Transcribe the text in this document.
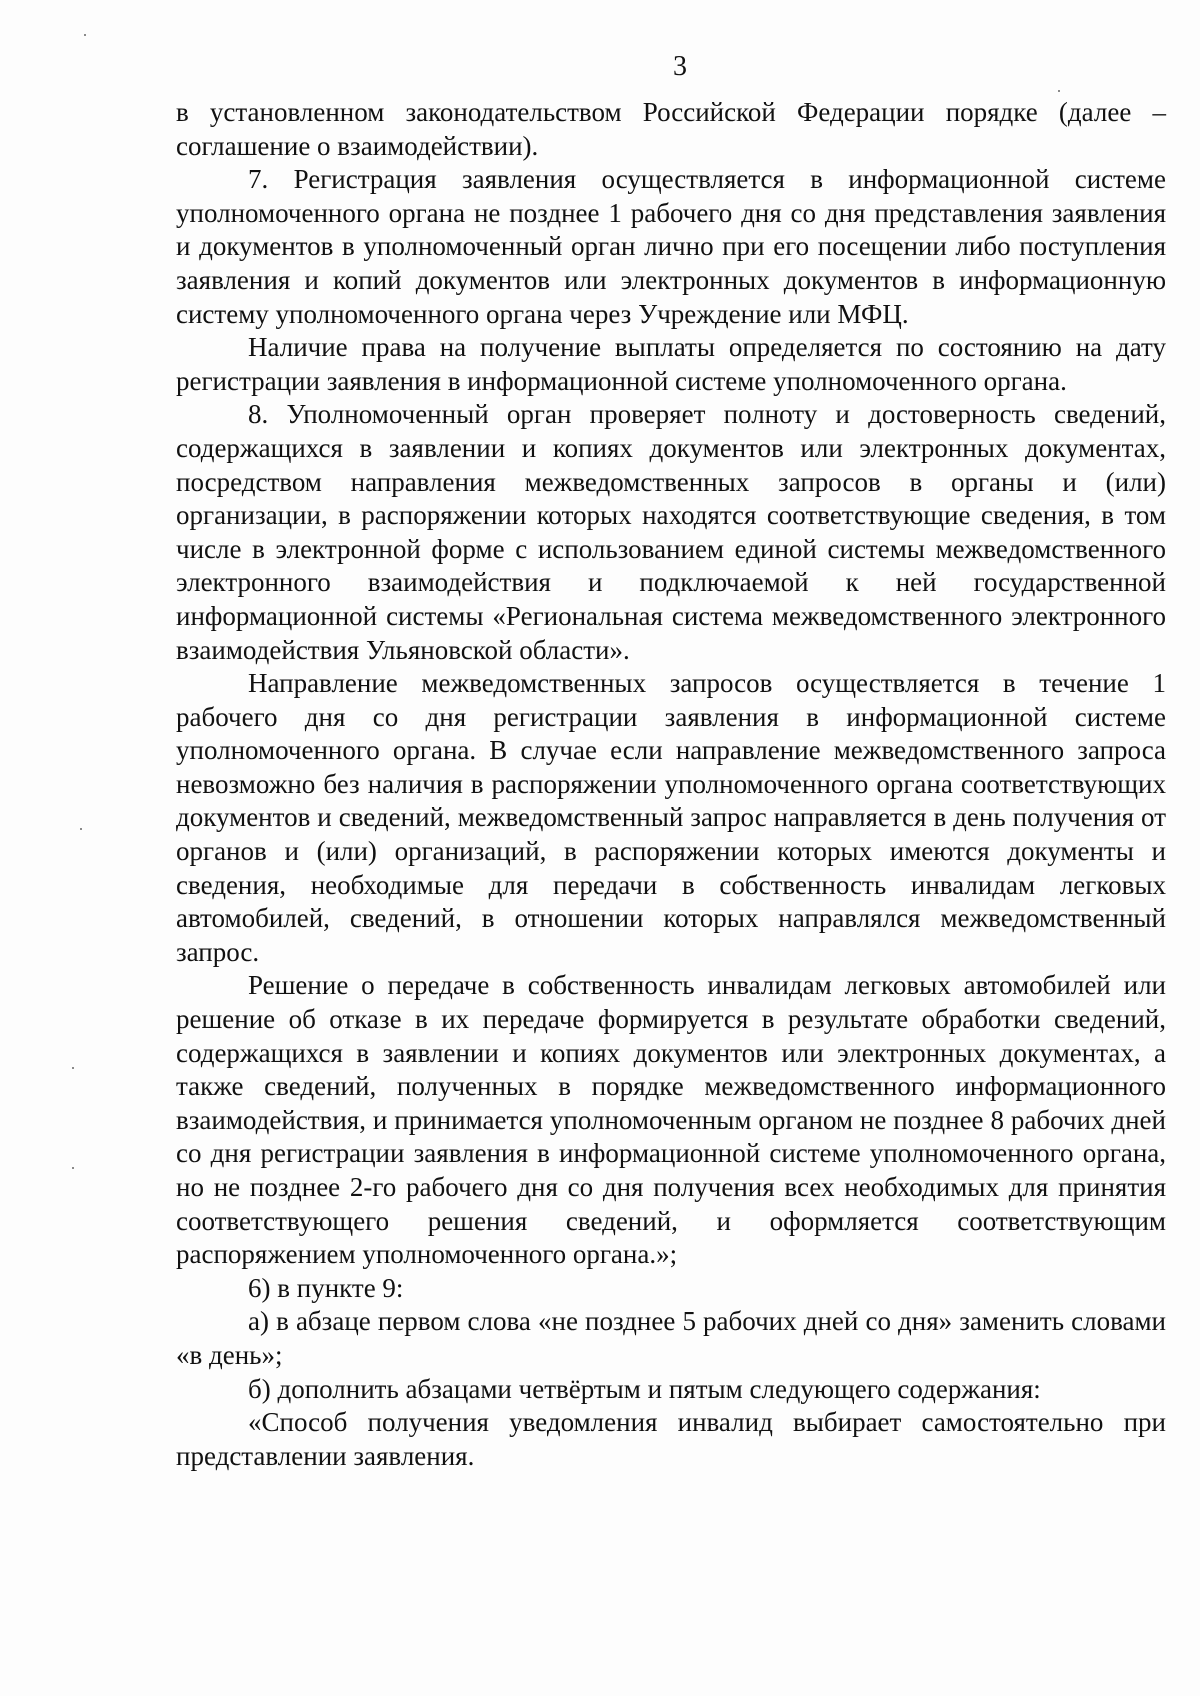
3

в установленном законодательством Российской Федерации порядке (далее – соглашение о взаимодействии).

7. Регистрация заявления осуществляется в информационной системе уполномоченного органа не позднее 1 рабочего дня со дня представления заявления и документов в уполномоченный орган лично при его посещении либо поступления заявления и копий документов или электронных документов в информационную систему уполномоченного органа через Учреждение или МФЦ.

Наличие права на получение выплаты определяется по состоянию на дату регистрации заявления в информационной системе уполномоченного органа.

8. Уполномоченный орган проверяет полноту и достоверность сведений, содержащихся в заявлении и копиях документов или электронных документах, посредством направления межведомственных запросов в органы и (или) организации, в распоряжении которых находятся соответствующие сведения, в том числе в электронной форме с использованием единой системы межведомственного электронного взаимодействия и подключаемой к ней государственной информационной системы «Региональная система межведомственного электронного взаимодействия Ульяновской области».

Направление межведомственных запросов осуществляется в течение 1 рабочего дня со дня регистрации заявления в информационной системе уполномоченного органа. В случае если направление межведомственного запроса невозможно без наличия в распоряжении уполномоченного органа соответствующих документов и сведений, межведомственный запрос направляется в день получения от органов и (или) организаций, в распоряжении которых имеются документы и сведения, необходимые для передачи в собственность инвалидам легковых автомобилей, сведений, в отношении которых направлялся межведомственный запрос.

Решение о передаче в собственность инвалидам легковых автомобилей или решение об отказе в их передаче формируется в результате обработки сведений, содержащихся в заявлении и копиях документов или электронных документах, а также сведений, полученных в порядке межведомственного информационного взаимодействия, и принимается уполномоченным органом не позднее 8 рабочих дней со дня регистрации заявления в информационной системе уполномоченного органа, но не позднее 2-го рабочего дня со дня получения всех необходимых для принятия соответствующего решения сведений, и оформляется соответствующим распоряжением уполномоченного органа.»;

6) в пункте 9:

а) в абзаце первом слова «не позднее 5 рабочих дней со дня» заменить словами «в день»;

б) дополнить абзацами четвёртым и пятым следующего содержания:

«Способ получения уведомления инвалид выбирает самостоятельно при представлении заявления.
